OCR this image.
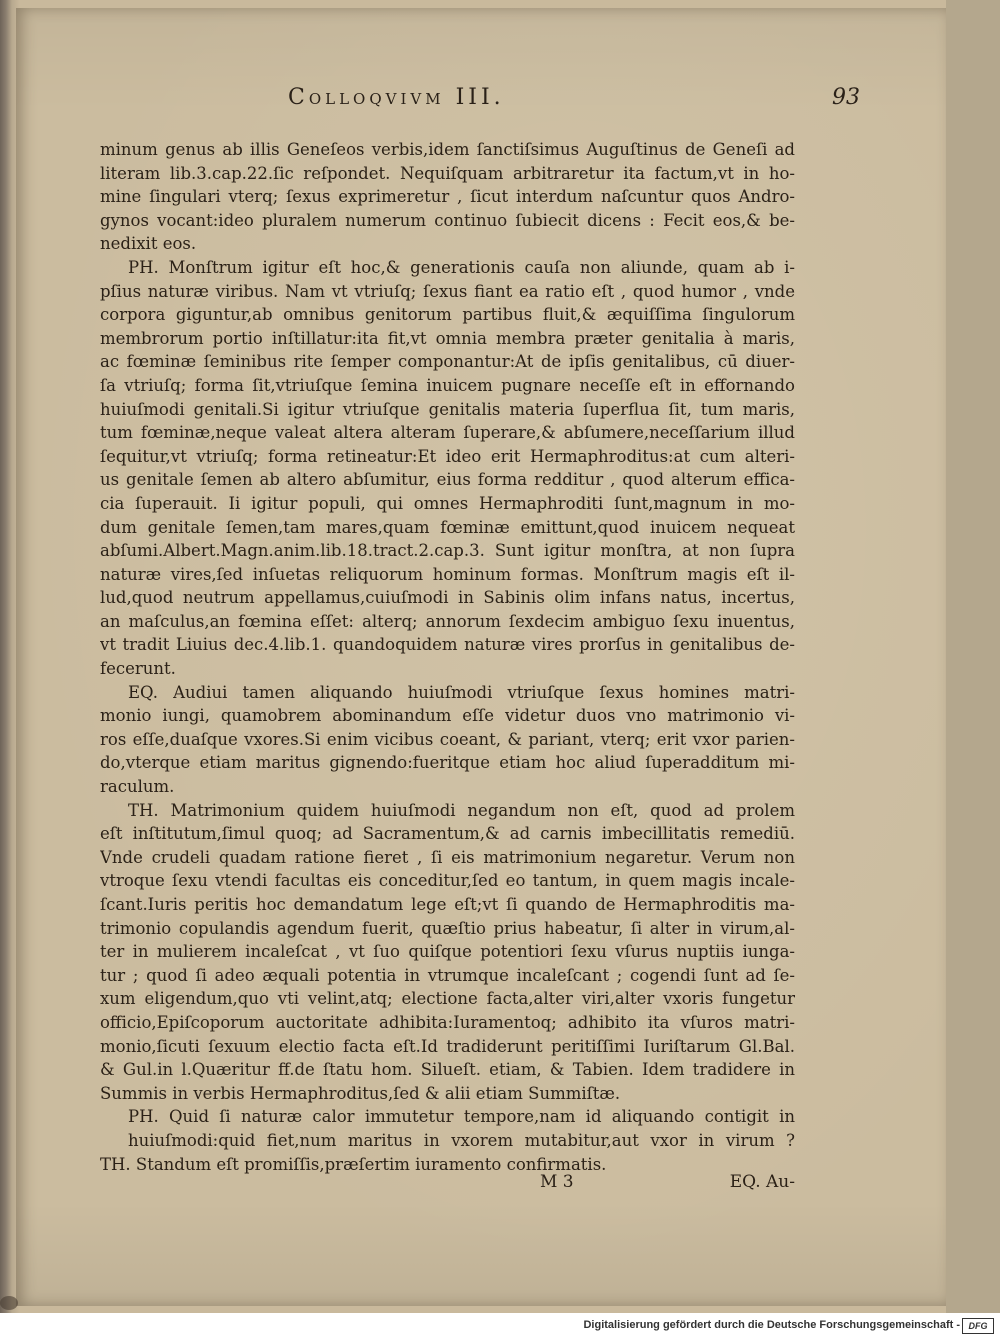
Colloqvivm III.	93
minum genus ab illis Geneſeos verbis,idem ſanctiſsimus Auguſtinus de Geneſi ad
literam lib.3.cap.22.ſic reſpondet. Nequiſquam arbitraretur ita factum,vt in ho-
mine ſingulari vterq; ſexus exprimeretur , ſicut interdum naſcuntur quos Andro-
gynos vocant:ideo pluralem numerum continuo ſubiecit dicens : Fecit eos,& be-
nedixit eos.
PH. Monſtrum igitur eſt hoc,& generationis cauſa non aliunde, quam ab i-
pſius naturæ viribus. Nam vt vtriuſq; ſexus fiant ea ratio eſt , quod humor , vnde
corpora giguntur,ab omnibus genitorum partibus fluit,& æquiſſima ſingulorum
membrorum portio inſtillatur:ita fit,vt omnia membra præter genitalia à maris,
ac fœminæ ſeminibus rite ſemper componantur:At de ipſis genitalibus, cū diuer-
ſa vtriuſq; forma ſit,vtriuſque ſemina inuicem pugnare neceſſe eſt in effornando
huiuſmodi genitali.Si igitur vtriuſque genitalis materia ſuperflua ſit, tum maris,
tum fœminæ,neque valeat altera alteram ſuperare,& abſumere,neceſſarium illud
ſequitur,vt vtriuſq; forma retineatur:Et ideo erit Hermaphroditus:at cum alteri-
us genitale ſemen ab altero abſumitur, eius forma redditur , quod alterum effica-
cia ſuperauit. Ii igitur populi, qui omnes Hermaphroditi ſunt,magnum in mo-
dum genitale ſemen,tam mares,quam fœminæ emittunt,quod inuicem nequeat
abſumi.Albert.Magn.anim.lib.18.tract.2.cap.3. Sunt igitur monſtra, at non ſupra
naturæ vires,ſed inſuetas reliquorum hominum formas. Monſtrum magis eſt il-
lud,quod neutrum appellamus,cuiuſmodi in Sabinis olim infans natus, incertus,
an maſculus,an fœmina eſſet: alterq; annorum ſexdecim ambiguo ſexu inuentus,
vt tradit Liuius dec.4.lib.1. quandoquidem naturæ vires prorſus in genitalibus de-
fecerunt.
EQ. Audiui tamen aliquando huiuſmodi vtriuſque ſexus homines matri-
monio iungi, quamobrem abominandum eſſe videtur duos vno matrimonio vi-
ros eſſe,duaſque vxores.Si enim vicibus coeant, & pariant, vterq; erit vxor parien-
do,vterque etiam maritus gignendo:fueritque etiam hoc aliud ſuperadditum mi-
raculum.
TH. Matrimonium quidem huiuſmodi negandum non eſt, quod ad prolem
eſt inſtitutum,ſimul quoq; ad Sacramentum,& ad carnis imbecillitatis remediū.
Vnde crudeli quadam ratione fieret , ſi eis matrimonium negaretur. Verum non
vtroque ſexu vtendi facultas eis conceditur,ſed eo tantum, in quem magis incale-
ſcant.Iuris peritis hoc demandatum lege eſt;vt ſi quando de Hermaphroditis ma-
trimonio copulandis agendum fuerit, quæſtio prius habeatur, ſi alter in virum,al-
ter in mulierem incaleſcat , vt ſuo quiſque potentiori ſexu vſurus nuptiis iunga-
tur ; quod ſi adeo æquali potentia in vtrumque incaleſcant ; cogendi ſunt ad ſe-
xum eligendum,quo vti velint,atq; electione facta,alter viri,alter vxoris fungetur
officio,Epiſcoporum auctoritate adhibita:Iuramentoq; adhibito ita vſuros matri-
monio,ſicuti ſexuum electio facta eſt.Id tradiderunt peritiſſimi Iuriſtarum Gl.Bal.
& Gul.in l.Quæritur ff.de ſtatu hom. Silueſt. etiam, & Tabien. Idem tradidere in
Summis in verbis Hermaphroditus,ſed & alii etiam Summiſtæ.
PH. Quid ſi naturæ calor immutetur tempore,nam id aliquando contigit in
huiuſmodi:quid fiet,num maritus in vxorem mutabitur,aut vxor in virum ?
TH. Standum eſt promiſſis,præſertim iuramento confirmatis.
M 3	EQ. Au-
Digitalisierung gefördert durch die Deutsche Forschungsgemeinschaft - DFG
